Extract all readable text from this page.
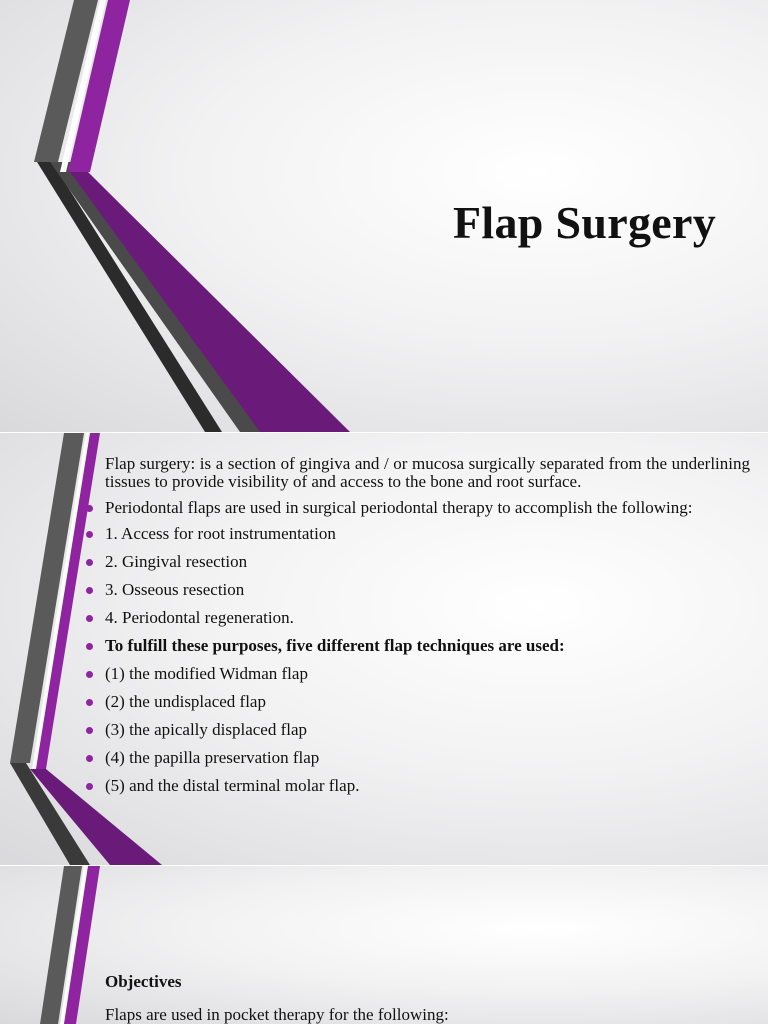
Flap Surgery
Flap surgery: is a section of gingiva and / or mucosa surgically separated from the underlining tissues to provide visibility of and access to the bone and root surface.
Periodontal flaps are used in surgical periodontal therapy to accomplish the following:
1. Access for root instrumentation
2. Gingival resection
3. Osseous resection
4. Periodontal regeneration.
To fulfill these purposes, five different flap techniques are used:
(1) the modified Widman flap
(2) the undisplaced flap
(3) the apically displaced flap
(4) the papilla preservation flap
(5) and the distal terminal molar flap.
Objectives
Flaps are used in pocket therapy for the following:
